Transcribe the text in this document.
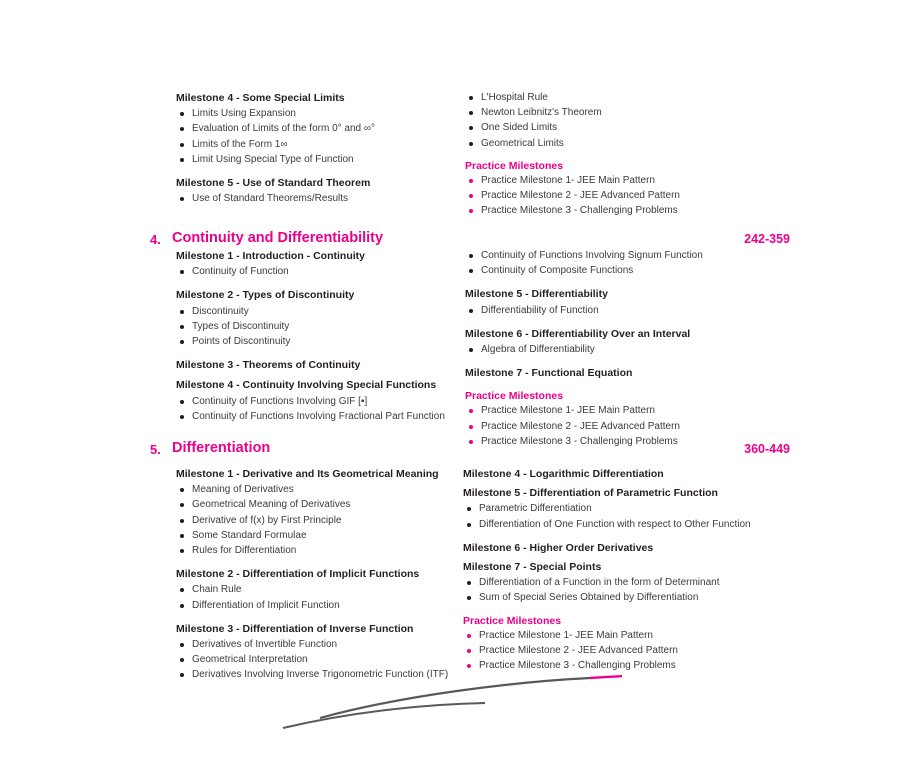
Milestone 4 - Some Special Limits
Limits Using Expansion
Evaluation of Limits of the form 0° and ∞°
Limits of the Form 1∞
Limit Using Special Type of Function
Milestone 5 - Use of Standard Theorem
Use of Standard Theorems/Results
L'Hospital Rule
Newton Leibnitz's Theorem
One Sided Limits
Geometrical Limits
Practice Milestones
Practice Milestone 1- JEE Main Pattern
Practice Milestone 2 - JEE Advanced Pattern
Practice Milestone 3 - Challenging Problems
4. Continuity and Differentiability	242-359
Milestone 1 - Introduction - Continuity
Continuity of Function
Milestone 2 - Types of Discontinuity
Discontinuity
Types of Discontinuity
Points of Discontinuity
Milestone 3 - Theorems of Continuity
Milestone 4 - Continuity Involving Special Functions
Continuity of Functions Involving GIF [▪]
Continuity of Functions Involving Fractional Part Function
Continuity of Functions Involving Signum Function
Continuity of Composite Functions
Milestone 5 - Differentiability
Differentiability of Function
Milestone 6 - Differentiability Over an Interval
Algebra of Differentiability
Milestone 7 - Functional Equation
Practice Milestones
Practice Milestone 1- JEE Main Pattern
Practice Milestone 2 - JEE Advanced Pattern
Practice Milestone 3 - Challenging Problems
5. Differentiation	360-449
Milestone 1 - Derivative and Its Geometrical Meaning
Meaning of Derivatives
Geometrical Meaning of Derivatives
Derivative of f(x) by First Principle
Some Standard Formulae
Rules for Differentiation
Milestone 2 - Differentiation of Implicit Functions
Chain Rule
Differentiation of Implicit Function
Milestone 3 - Differentiation of Inverse Function
Derivatives of Invertible Function
Geometrical Interpretation
Derivatives Involving Inverse Trigonometric Function (ITF)
Milestone 4 - Logarithmic Differentiation
Milestone 5 - Differentiation of Parametric Function
Parametric Differentiation
Differentiation of One Function with respect to Other Function
Milestone 6 - Higher Order Derivatives
Milestone 7 - Special Points
Differentiation of a Function in the form of Determinant
Sum of Special Series Obtained by Differentiation
Practice Milestones
Practice Milestone 1- JEE Main Pattern
Practice Milestone 2 - JEE Advanced Pattern
Practice Milestone 3 - Challenging Problems
